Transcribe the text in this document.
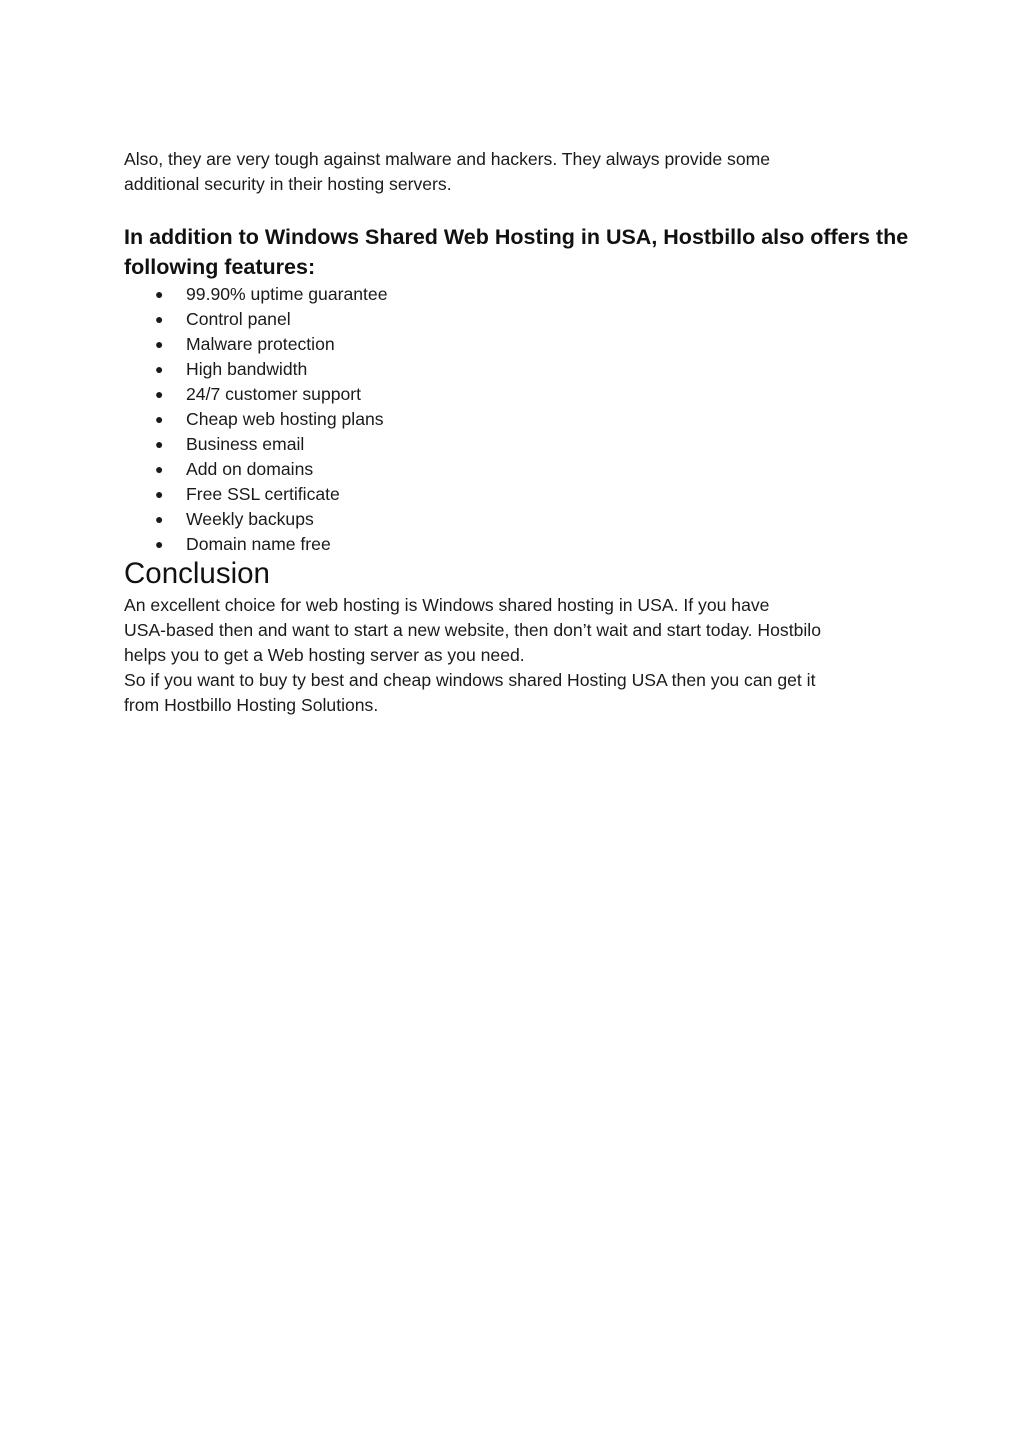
Also, they are very tough against malware and hackers. They always provide some
additional security in their hosting servers.

In addition to Windows Shared Web Hosting in USA, Hostbillo also offers the following features:
● 99.90% uptime guarantee
● Control panel
● Malware protection
● High bandwidth
● 24/7 customer support
● Cheap web hosting plans
● Business email
● Add on domains
● Free SSL certificate
● Weekly backups
● Domain name free
Conclusion

An excellent choice for web hosting is Windows shared hosting in USA. If you have
USA-based then and want to start a new website, then don’t wait and start today. Hostbilo
helps you to get a Web hosting server as you need.

So if you want to buy ty best and cheap windows shared Hosting USA then you can get it
from Hostbillo Hosting Solutions.
